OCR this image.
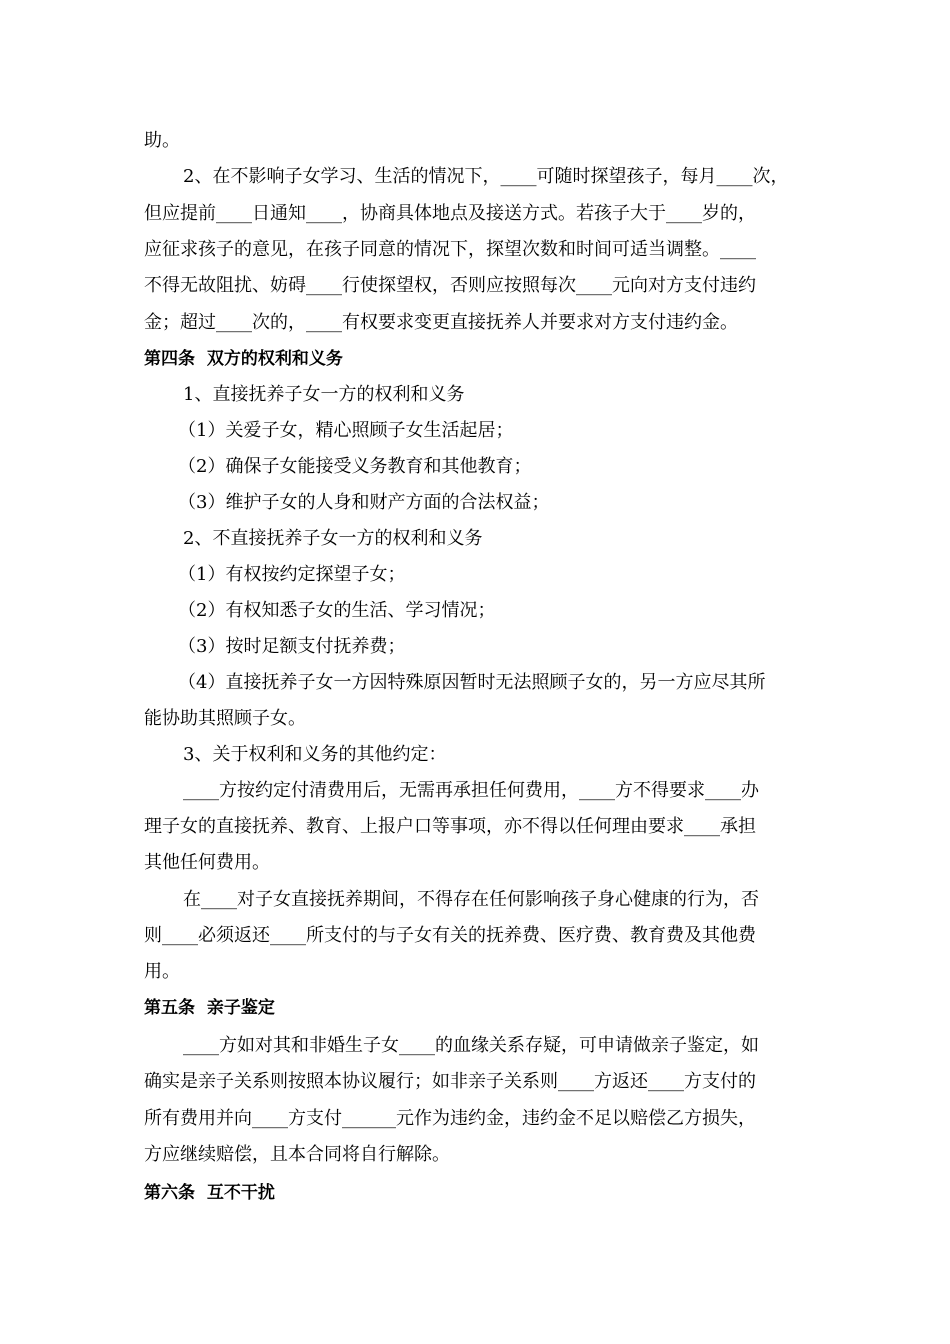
助。
2、在不影响子女学习、生活的情况下，____可随时探望孩子，每月____次，
但应提前____日通知____，协商具体地点及接送方式。若孩子大于____岁的，
应征求孩子的意见，在孩子同意的情况下，探望次数和时间可适当调整。____
不得无故阻扰、妨碍____行使探望权，否则应按照每次____元向对方支付违约
金；超过____次的，____有权要求变更直接抚养人并要求对方支付违约金。
第四条  双方的权利和义务
1、直接抚养子女一方的权利和义务
（1）关爱子女，精心照顾子女生活起居；
（2）确保子女能接受义务教育和其他教育；
（3）维护子女的人身和财产方面的合法权益；
2、不直接抚养子女一方的权利和义务
（1）有权按约定探望子女；
（2）有权知悉子女的生活、学习情况；
（3）按时足额支付抚养费；
（4）直接抚养子女一方因特殊原因暂时无法照顾子女的，另一方应尽其所
能协助其照顾子女。
3、关于权利和义务的其他约定：
____方按约定付清费用后，无需再承担任何费用，____方不得要求____办
理子女的直接抚养、教育、上报户口等事项，亦不得以任何理由要求____承担
其他任何费用。
在____对子女直接抚养期间，不得存在任何影响孩子身心健康的行为，否
则____必须返还____所支付的与子女有关的抚养费、医疗费、教育费及其他费
用。
第五条  亲子鉴定
____方如对其和非婚生子女____的血缘关系存疑，可申请做亲子鉴定，如
确实是亲子关系则按照本协议履行；如非亲子关系则____方返还____方支付的
所有费用并向____方支付______元作为违约金，违约金不足以赔偿乙方损失，
方应继续赔偿，且本合同将自行解除。
第六条  互不干扰
